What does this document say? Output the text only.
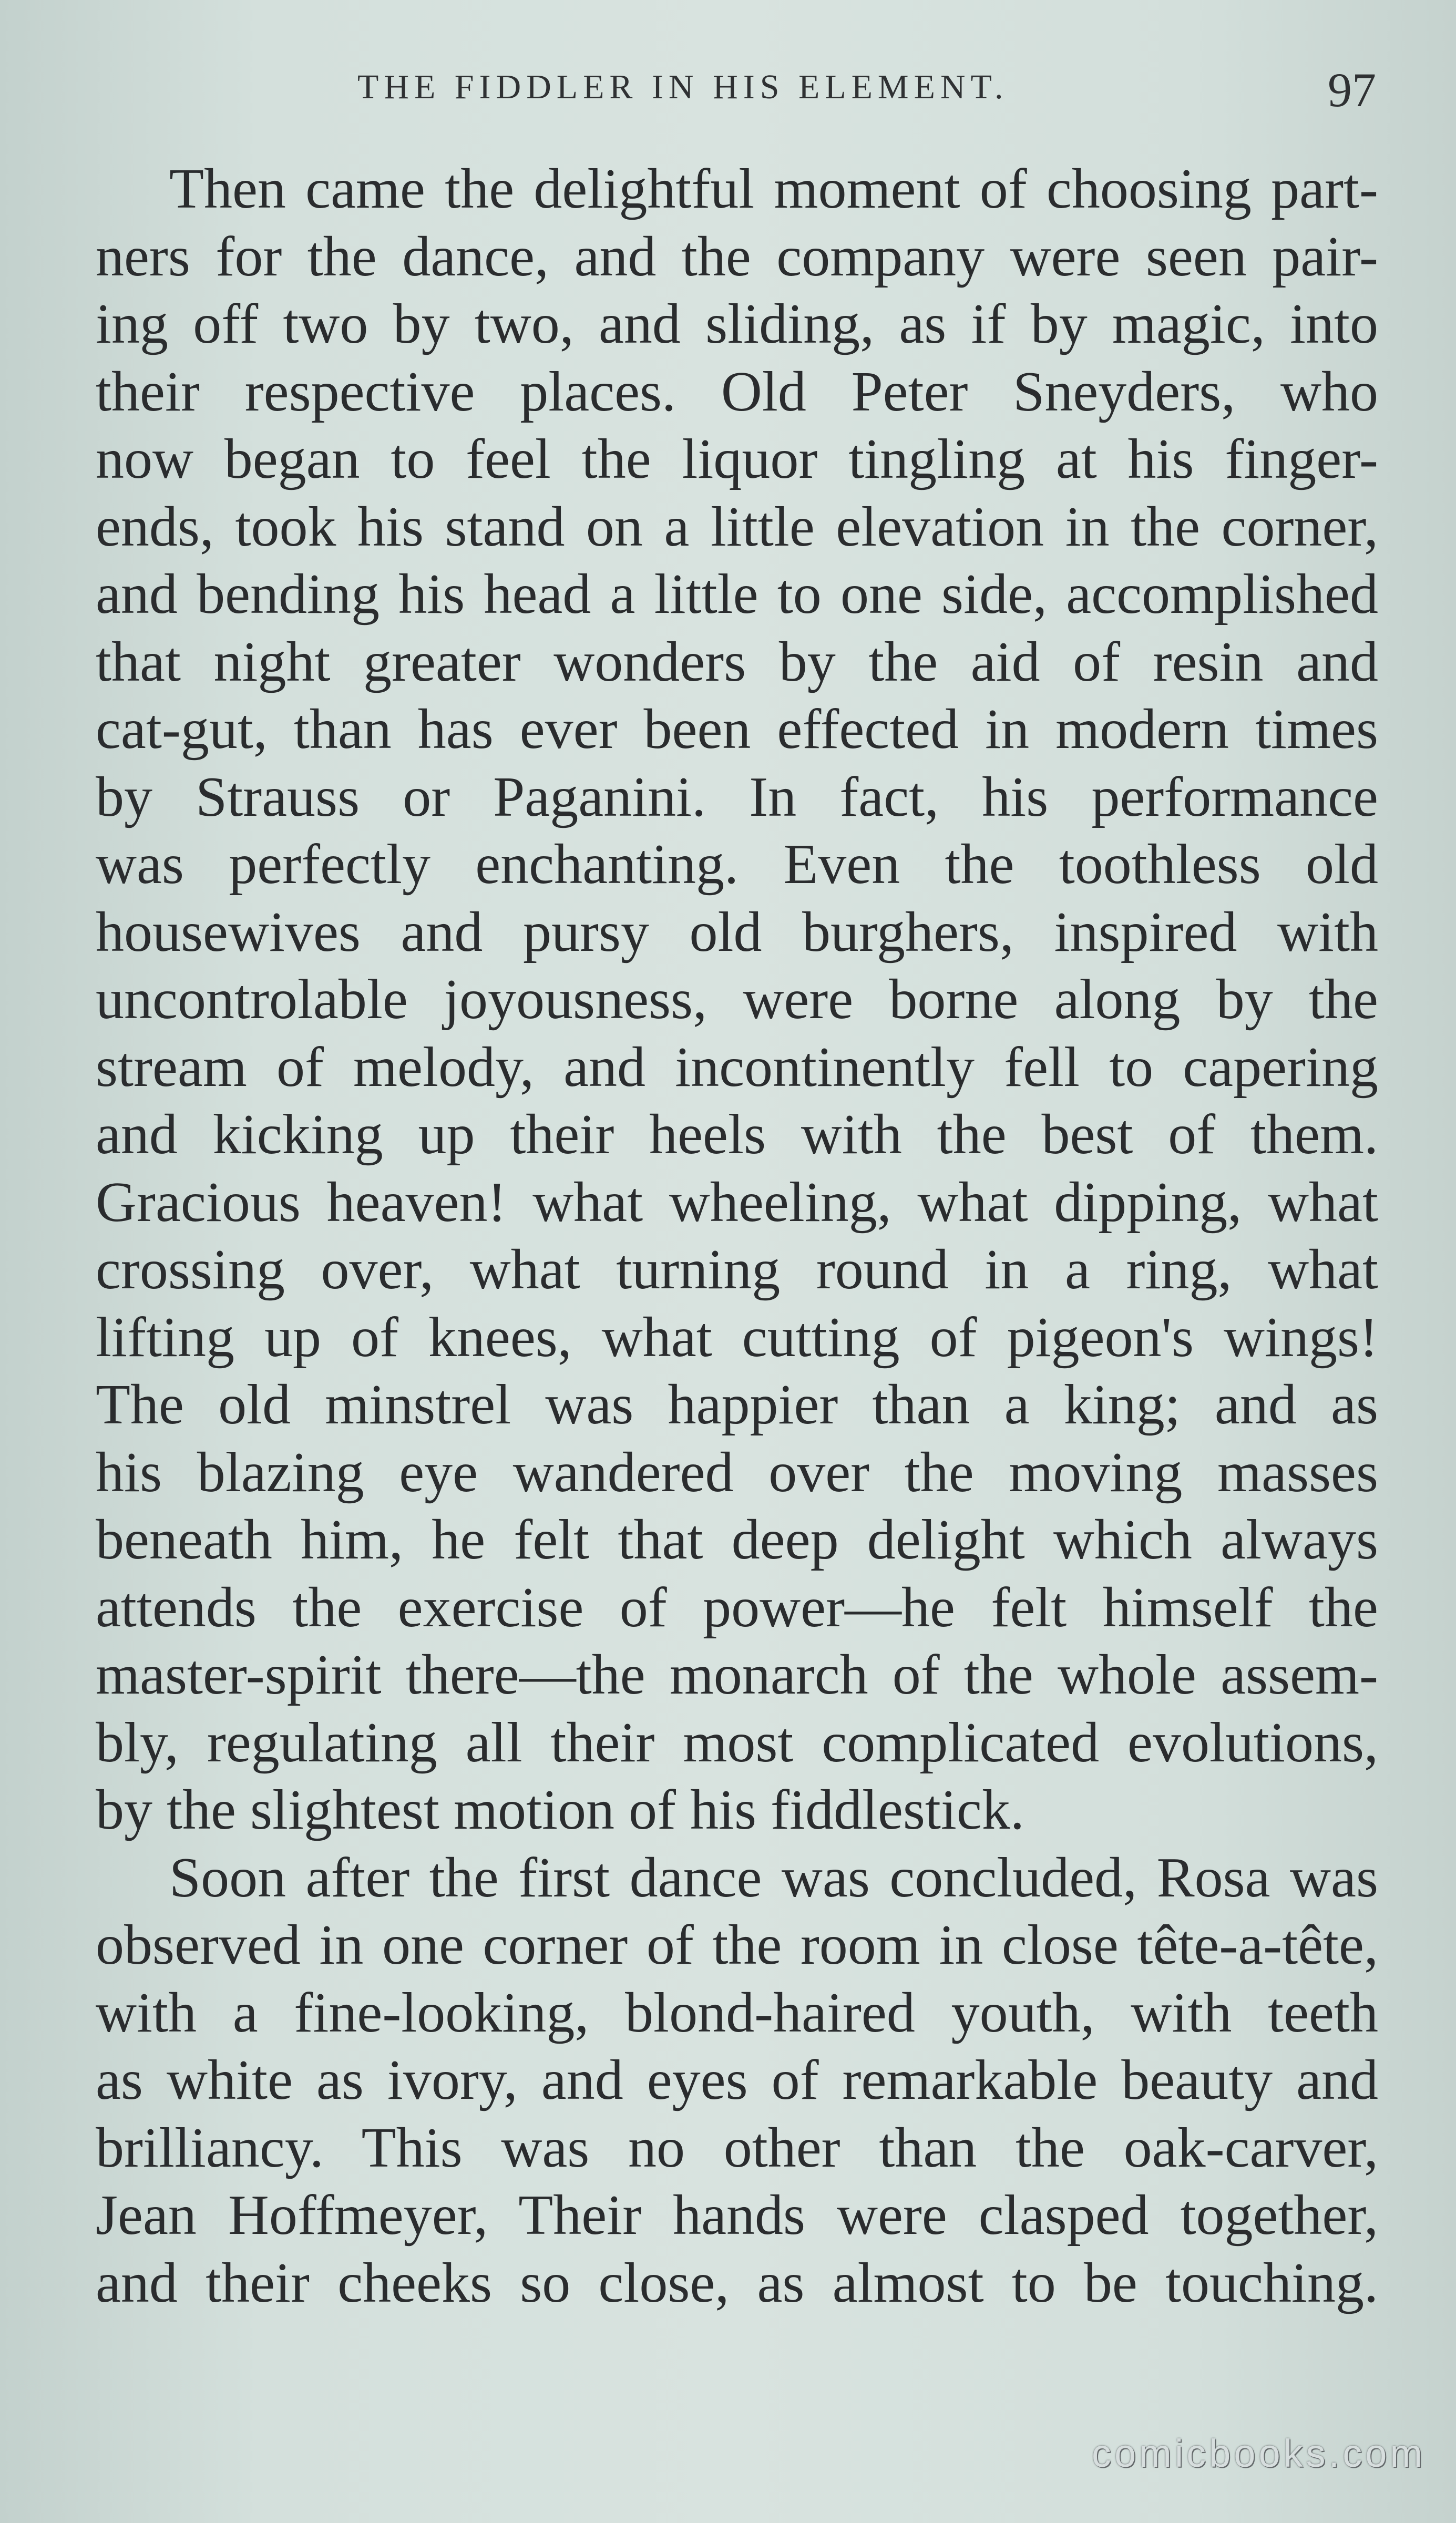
THE FIDDLER IN HIS ELEMENT.	97
Then came the delightful moment of choosing part-
ners for the dance, and the company were seen pair-
ing off two by two, and sliding, as if by magic, into
their respective places. Old Peter Sneyders, who
now began to feel the liquor tingling at his finger-
ends, took his stand on a little elevation in the corner,
and bending his head a little to one side, accomplished
that night greater wonders by the aid of resin and
cat-gut, than has ever been effected in modern times
by Strauss or Paganini. In fact, his performance
was perfectly enchanting. Even the toothless old
housewives and pursy old burghers, inspired with
uncontrolable joyousness, were borne along by the
stream of melody, and incontinently fell to capering
and kicking up their heels with the best of them.
Gracious heaven! what wheeling, what dipping, what
crossing over, what turning round in a ring, what
lifting up of knees, what cutting of pigeon's wings!
The old minstrel was happier than a king; and as
his blazing eye wandered over the moving masses
beneath him, he felt that deep delight which always
attends the exercise of power—he felt himself the
master-spirit there—the monarch of the whole assem-
bly, regulating all their most complicated evolutions,
by the slightest motion of his fiddlestick.
Soon after the first dance was concluded, Rosa was
observed in one corner of the room in close tête-a-tête,
with a fine-looking, blond-haired youth, with teeth
as white as ivory, and eyes of remarkable beauty and
brilliancy. This was no other than the oak-carver,
Jean Hoffmeyer, Their hands were clasped together,
and their cheeks so close, as almost to be touching.
comicbooks.com
